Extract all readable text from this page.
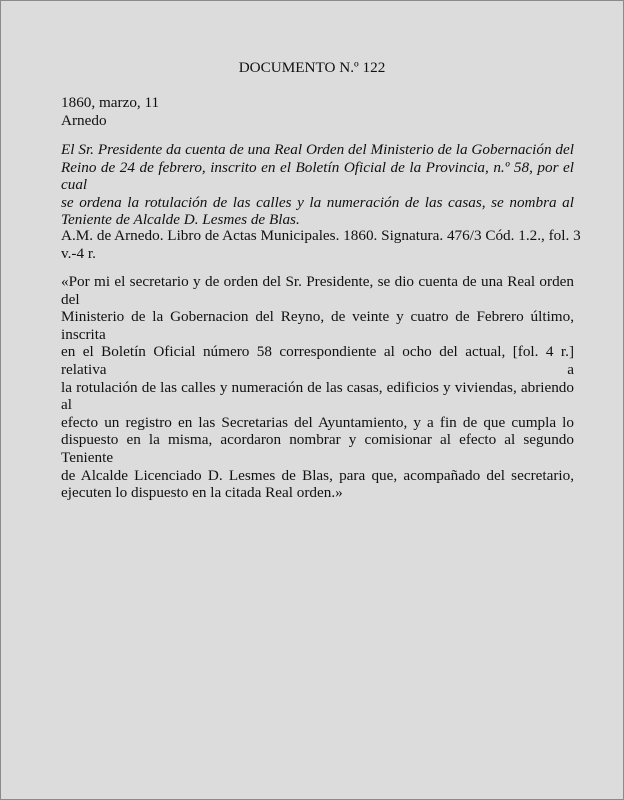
DOCUMENTO N.º 122
1860, marzo, 11
Arnedo

El Sr. Presidente da cuenta de una Real Orden del Ministerio de la Gobernación del
Reino de 24 de febrero, inscrito en el Boletín Oficial de la Provincia, n.º 58, por el cual
se ordena la rotulación de las calles y la numeración de las casas, se nombra al
Teniente de Alcalde D. Lesmes de Blas.

A.M. de Arnedo. Libro de Actas Municipales. 1860. Signatura. 476/3 Cód. 1.2., fol. 3
v.-4 r.

«Por mi el secretario y de orden del Sr. Presidente, se dio cuenta de una Real orden del
Ministerio de la Gobernacion del Reyno, de veinte y cuatro de Febrero último, inscrita
en el Boletín Oficial número 58 correspondiente al ocho del actual, [fol. 4 r.] relativa a
la rotulación de las calles y numeración de las casas, edificios y viviendas, abriendo al
efecto un registro en las Secretarias del Ayuntamiento, y a fin de que cumpla lo
dispuesto en la misma, acordaron nombrar y comisionar al efecto al segundo Teniente
de Alcalde Licenciado D. Lesmes de Blas, para que, acompañado del secretario,
ejecuten lo dispuesto en la citada Real orden.»
